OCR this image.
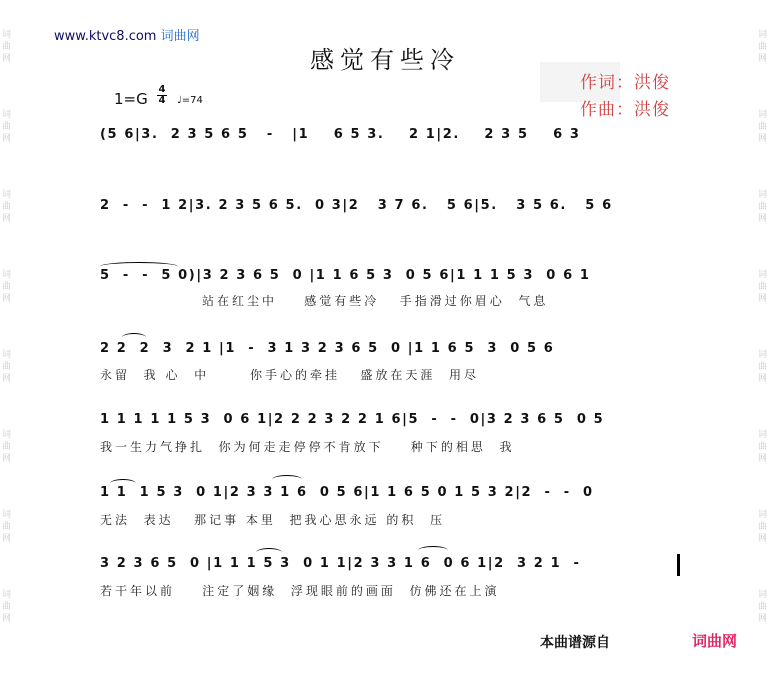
词
曲
网
词
曲
网
词
曲
网
词
曲
网
词
曲
网
词
曲
网
词
曲
网
词
曲
网
词
曲
网
词
曲
网
词
曲
网
词
曲
网
词
曲
网
词
曲
网
词
曲
网
词
曲
网
www.ktvc8.com 词曲网
感觉有些冷
作词：洪俊
作曲：洪俊
1=G
4
4 ♩=74
(5 6|3.  2 3 5 6 5   -   |1    6 5 3.    2 1|2.    2 3 5    6 3
2  -  -  1 2|3. 2 3 5 6 5.  0 3|2   3 7 6.   5 6|5.   3 5 6.   5 6
5  -  -  5 0)|3 2 3 6 5  0 |1 1 6 5 3  0 5 6|1 1 1 5 3  0 6 1
站在红尘中    感觉有些冷   手指滑过你眉心  气息
2 2  2  3  2 1 |1  -  3 1 3 2 3 6 5  0 |1 1 6 5  3  0 5 6
永留  我 心  中      你手心的牵挂   盛放在天涯  用尽
1 1 1 1 1 5 3  0 6 1|2 2 2 3 2 2 1 6|5  -  -  0|3 2 3 6 5  0 5
我一生力气挣扎  你为何走走停停不肯放下    种下的相思  我
1 1  1 5 3  0 1|2 3 3 1 6  0 5 6|1 1 6 5 0 1 5 3 2|2  -  -  0
无法  表达   那记事 本里  把我心思永远 的积  压
3 2 3 6 5  0 |1 1 1 5 3  0 1 1|2 3 3 1 6  0 6 1|2  3 2 1  -
若干年以前    注定了姻缘  浮现眼前的画面  仿佛还在上演
本曲谱源自	词曲网
